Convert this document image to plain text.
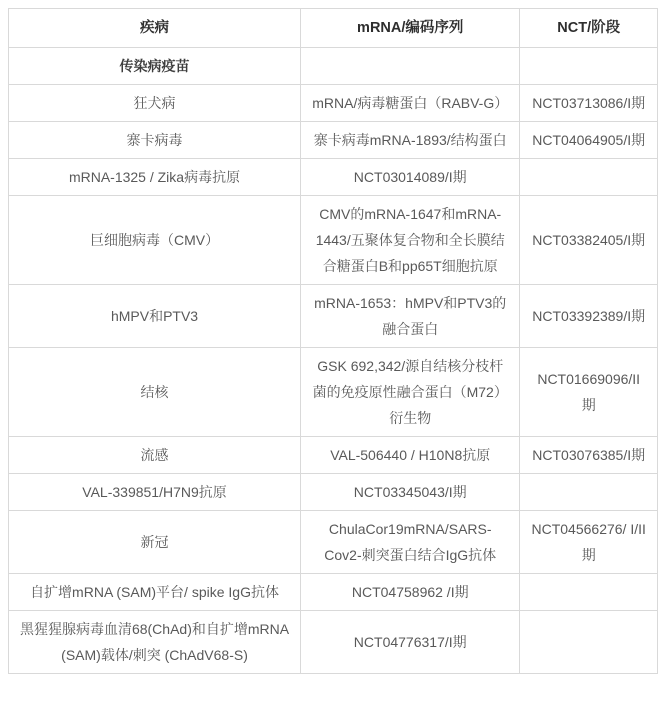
疾病	mRNA/编码序列	NCT/阶段
传染病疫苗		
狂犬病	mRNA/病毒糖蛋白（RABV-G）	NCT03713086/I期
寨卡病毒	寨卡病毒mRNA-1893/结构蛋白	NCT04064905/I期
mRNA-1325 / Zika病毒抗原	NCT03014089/I期	
巨细胞病毒（CMV）	CMV的mRNA-1647和mRNA-1443/五聚体复合物和全长膜结合糖蛋白B和pp65T细胞抗原	NCT03382405/I期
hMPV和PTV3	mRNA-1653：hMPV和PTV3的融合蛋白	NCT03392389/I期
结核	GSK 692,342/源自结核分枝杆菌的免疫原性融合蛋白（M72）衍生物	NCT01669096/II期
流感	VAL-506440 / H10N8抗原	NCT03076385/I期
VAL-339851/H7N9抗原	NCT03345043/I期	
新冠	ChulaCor19mRNA/SARS-Cov2-刺突蛋白结合IgG抗体	NCT04566276/ I/II期
自扩增mRNA (SAM)平台/ spike IgG抗体	NCT04758962 /I期	
黑猩猩腺病毒血清68(ChAd)和自扩增mRNA (SAM)载体/刺突 (ChAdV68-S)	NCT04776317/I期	
